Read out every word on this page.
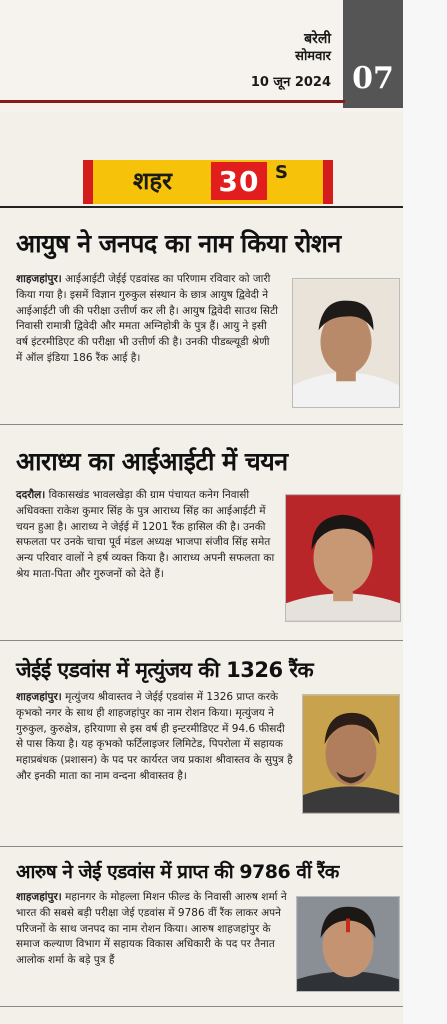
बरेली
सोमवार
10 जून 2024 07
शहर 30 S
आयुष ने जनपद का नाम किया रोशन
शाहजहांपुर। आईआईटी जेईई एडवांस्ड का परिणाम रविवार को जारी किया गया है। इसमें विज्ञान गुरुकुल संस्थान के छात्र आयुष द्विवेदी ने आईआईटी जी की परीक्षा उत्तीर्ण कर ली है। आयुष द्विवेदी साउथ सिटी निवासी रामात्री द्विवेदी और ममता अग्निहोत्री के पुत्र हैं। आयु ने इसी वर्ष इंटरमीडिएट की परीक्षा भी उत्तीर्ण की है। उनकी पीडब्ल्यूडी श्रेणी में ऑल इंडिया 186 रैंक आई है।
आराध्य का आईआईटी में चयन
ददरौल। विकासखंड भावलखेड़ा की ग्राम पंचायत कनेग निवासी अधिवक्ता राकेश कुमार सिंह के पुत्र आराध्य सिंह का आईआईटी में चयन हुआ है। आराध्य ने जेईई में 1201 रैंक हासिल की है। उनकी सफलता पर उनके चाचा पूर्व मंडल अध्यक्ष भाजपा संजीव सिंह समेत अन्य परिवार वालों ने हर्ष व्यक्त किया है। आराध्य अपनी सफलता का श्रेय माता-पिता और गुरुजनों को देते हैं।
जेईई एडवांस में मृत्युंजय की 1326 रैंक
शाहजहांपुर। मृत्युंजय श्रीवास्तव ने जेईई एडवांस में 1326 प्राप्त करके कृभको नगर के साथ ही शाहजहांपुर का नाम रोशन किया। मृत्युंजय ने गुरुकुल, कुरुक्षेत्र, हरियाणा से इस वर्ष ही इन्टरमीडिएट में 94.6 फीसदी से पास किया है। यह कृभको फर्टिलाइजर लिमिटेड, पिपरोला में सहायक महाप्रबंधक (प्रशासन) के पद पर कार्यरत जय प्रकाश श्रीवास्तव के सुपुत्र है और इनकी माता का नाम वन्दना श्रीवास्तव है।
आरुष ने जेई एडवांस में प्राप्त की 9786 वीं रैंक
शाहजहांपुर। महानगर के मोहल्ला मिशन फील्ड के निवासी आरुष शर्मा ने भारत की सबसे बड़ी परीक्षा जेई एडवांस में 9786 वीं रैंक लाकर अपने परिजनों के साथ जनपद का नाम रोशन किया। आरुष शाहजहांपुर के समाज कल्याण विभाग में सहायक विकास अधिकारी के पद पर तैनात आलोक शर्मा के बड़े पुत्र हैं
